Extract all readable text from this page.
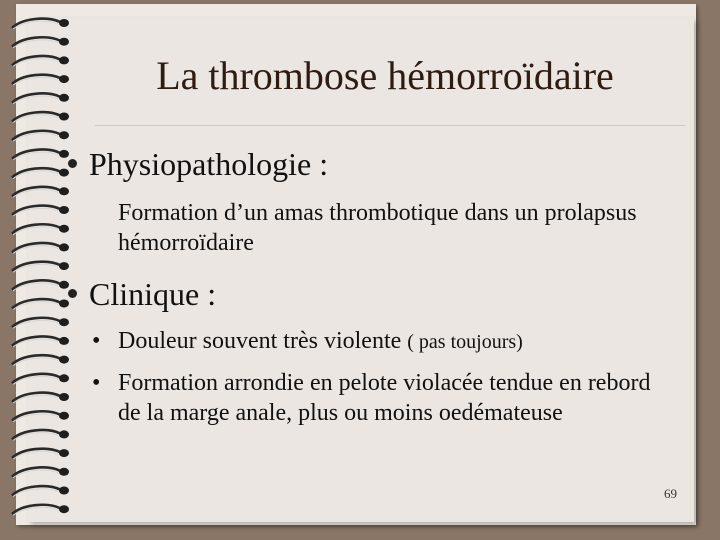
La thrombose hémorroïdaire
Physiopathologie :
Formation d’un amas thrombotique dans un prolapsus hémorroïdaire
Clinique :
• Douleur souvent très violente ( pas toujours)
• Formation arrondie en pelote violacée tendue en rebord de la marge anale, plus ou moins oedémateuse
69
